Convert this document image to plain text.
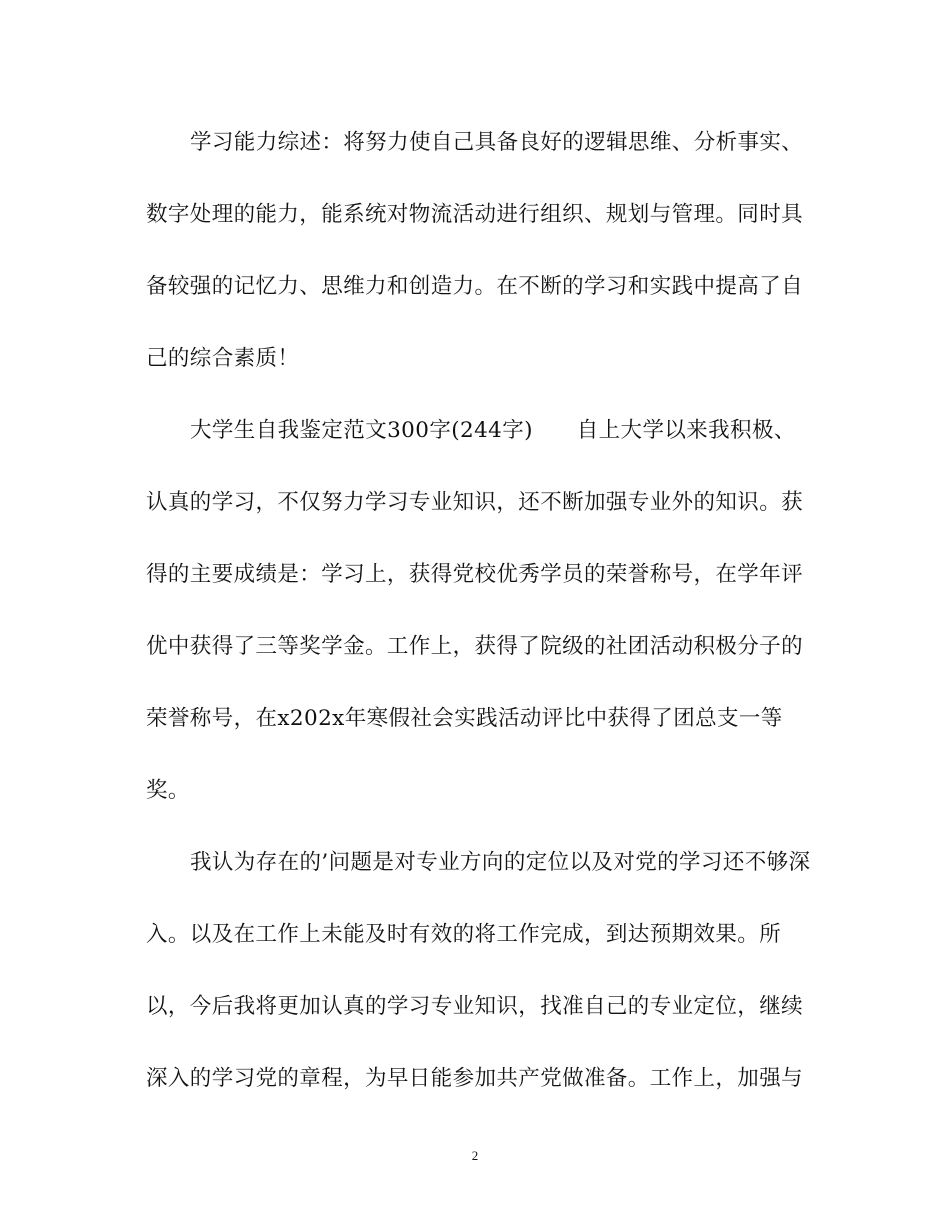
学习能力综述：将努力使自己具备良好的逻辑思维、分析事实、
数字处理的能力，能系统对物流活动进行组织、规划与管理。同时具
备较强的记忆力、思维力和创造力。在不断的学习和实践中提高了自
己的综合素质！
大学生自我鉴定范文300字(244字)　　自上大学以来我积极、
认真的学习，不仅努力学习专业知识，还不断加强专业外的知识。获
得的主要成绩是：学习上，获得党校优秀学员的荣誉称号，在学年评
优中获得了三等奖学金。工作上，获得了院级的社团活动积极分子的
荣誉称号，在x202x年寒假社会实践活动评比中获得了团总支一等
奖。
我认为存在的’问题是对专业方向的定位以及对党的学习还不够深
入。以及在工作上未能及时有效的将工作完成，到达预期效果。所
以，今后我将更加认真的学习专业知识，找准自己的专业定位，继续
深入的学习党的章程，为早日能参加共产党做准备。工作上，加强与
2
